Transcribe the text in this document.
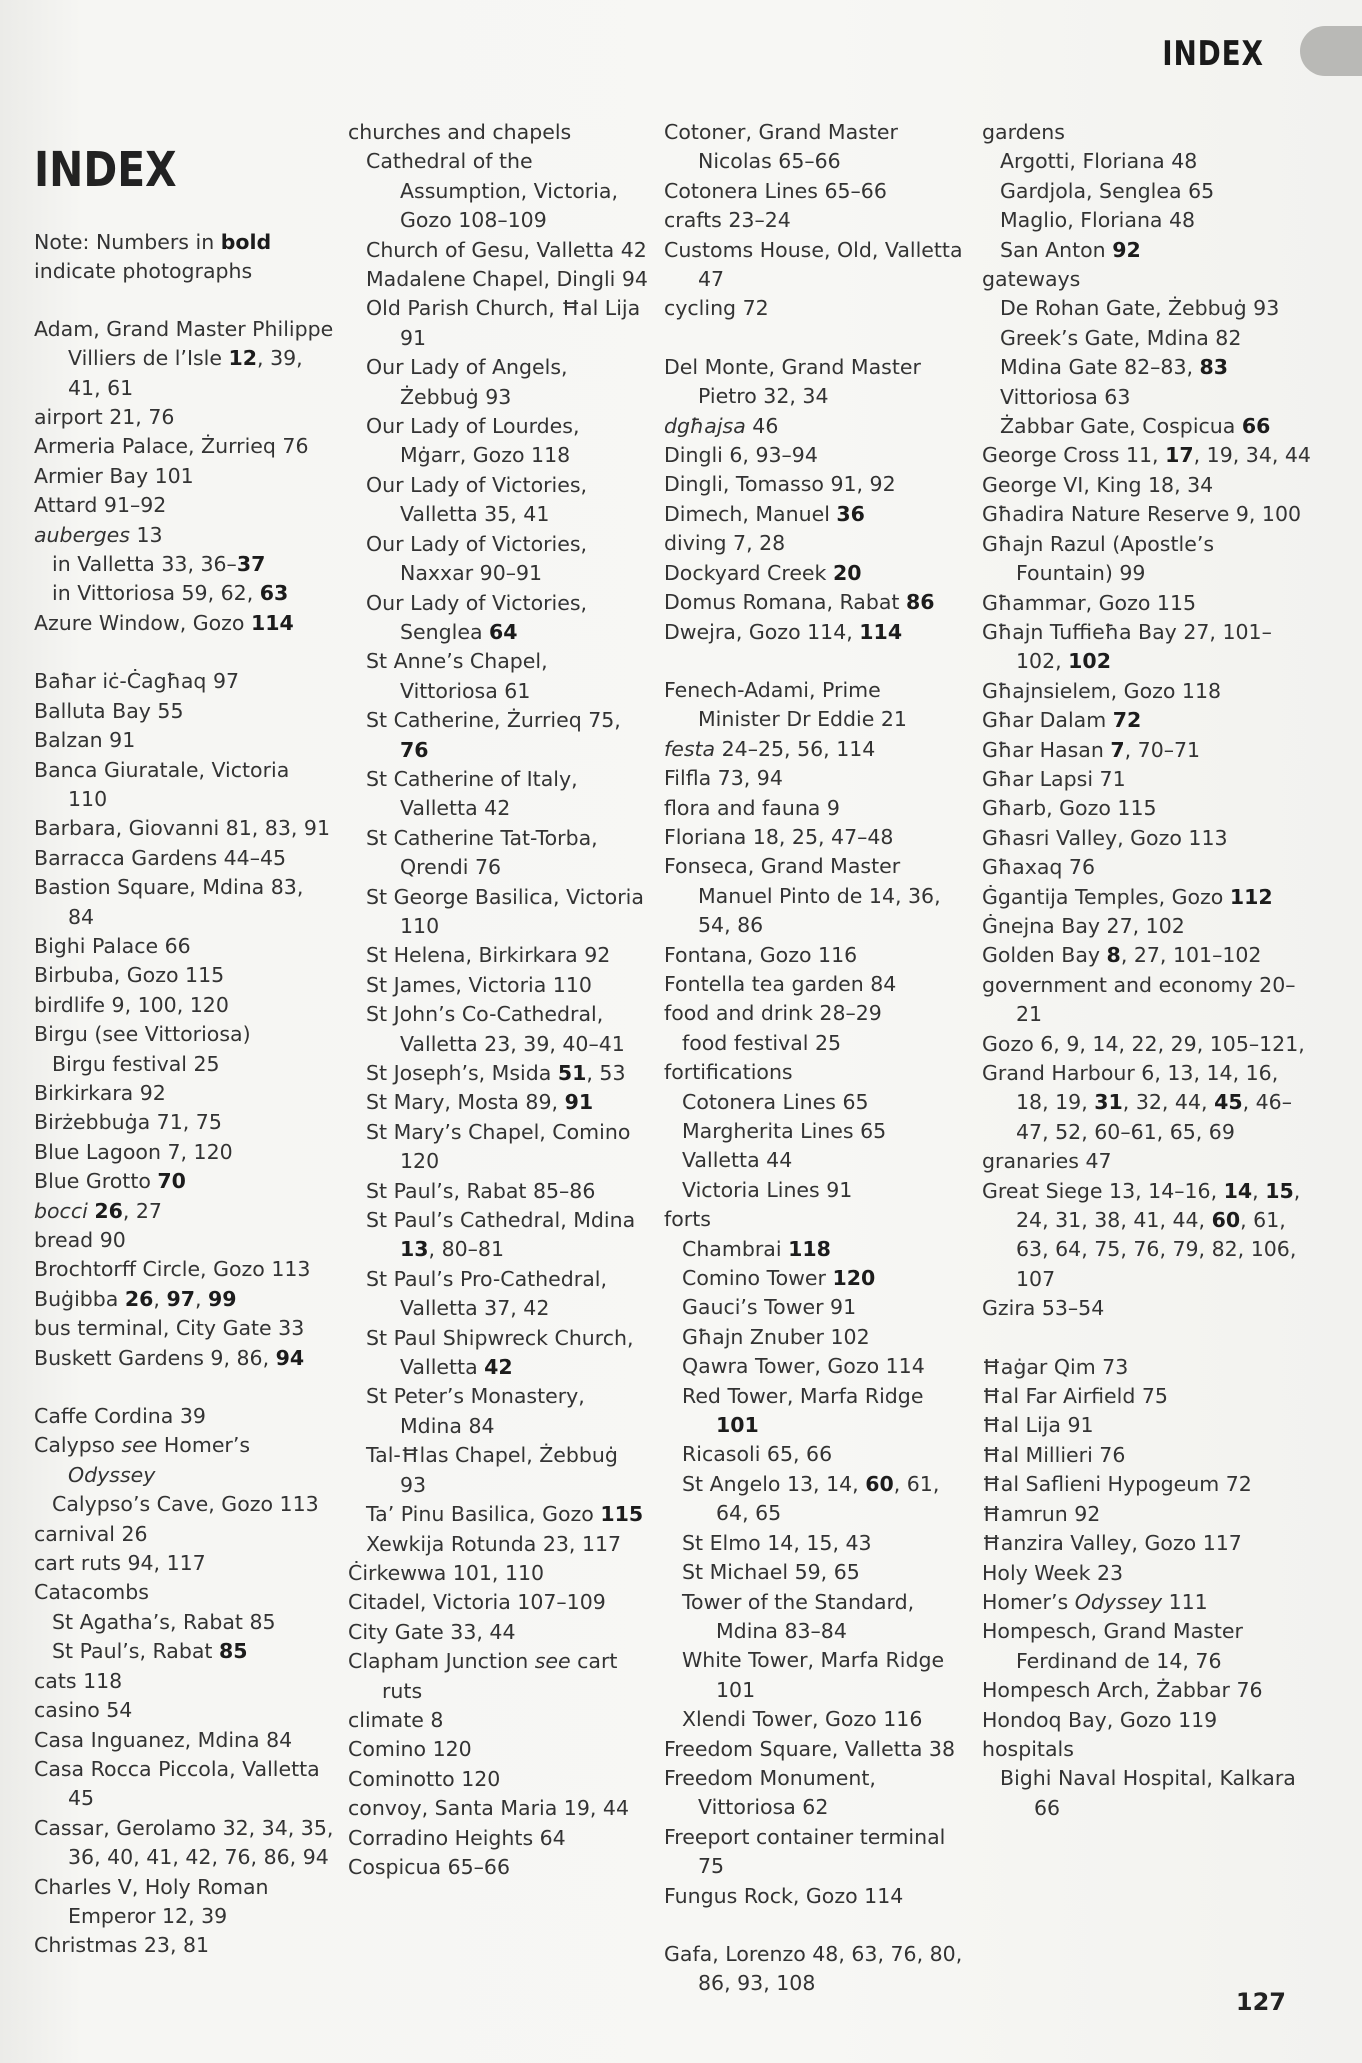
INDEX
INDEX
Note: Numbers in bold indicate photographs
Adam, Grand Master Philippe Villiers de l’Isle 12, 39, 41, 61
airport 21, 76
Armeria Palace, Żurrieq 76
Armier Bay 101
Attard 91–92
auberges 13
in Valletta 33, 36–37
in Vittoriosa 59, 62, 63
Azure Window, Gozo 114
Baħar iċ-Ċagħaq 97
Balluta Bay 55
Balzan 91
Banca Giuratale, Victoria 110
Barbara, Giovanni 81, 83, 91
Barracca Gardens 44–45
Bastion Square, Mdina 83, 84
Bighi Palace 66
Birbuba, Gozo 115
birdlife 9, 100, 120
Birgu (see Vittoriosa)
Birgu festival 25
Birkirkara 92
Birżebbuġa 71, 75
Blue Lagoon 7, 120
Blue Grotto 70
bocci 26, 27
bread 90
Brochtorff Circle, Gozo 113
Buġibba 26, 97, 99
bus terminal, City Gate 33
Buskett Gardens 9, 86, 94
Caffe Cordina 39
Calypso see Homer’s Odyssey
Calypso’s Cave, Gozo 113
carnival 26
cart ruts 94, 117
Catacombs
St Agatha’s, Rabat 85
St Paul’s, Rabat 85
cats 118
casino 54
Casa Inguanez, Mdina 84
Casa Rocca Piccola, Valletta 45
Cassar, Gerolamo 32, 34, 35, 36, 40, 41, 42, 76, 86, 94
Charles V, Holy Roman Emperor 12, 39
Christmas 23, 81
churches and chapels
Cathedral of the Assumption, Victoria, Gozo 108–109
Church of Gesu, Valletta 42
Madalene Chapel, Dingli 94
Old Parish Church, Ħal Lija 91
Our Lady of Angels, Żebbuġ 93
Our Lady of Lourdes, Mġarr, Gozo 118
Our Lady of Victories, Valletta 35, 41
Our Lady of Victories, Naxxar 90–91
Our Lady of Victories, Senglea 64
St Anne’s Chapel, Vittoriosa 61
St Catherine, Żurrieq 75, 76
St Catherine of Italy, Valletta 42
St Catherine Tat-Torba, Qrendi 76
St George Basilica, Victoria 110
St Helena, Birkirkara 92
St James, Victoria 110
St John’s Co-Cathedral, Valletta 23, 39, 40–41
St Joseph’s, Msida 51, 53
St Mary, Mosta 89, 91
St Mary’s Chapel, Comino 120
St Paul’s, Rabat 85–86
St Paul’s Cathedral, Mdina 13, 80–81
St Paul’s Pro-Cathedral, Valletta 37, 42
St Paul Shipwreck Church, Valletta 42
St Peter’s Monastery, Mdina 84
Tal-Ħlas Chapel, Żebbuġ 93
Ta’ Pinu Basilica, Gozo 115
Xewkija Rotunda 23, 117
Ċirkewwa 101, 110
Citadel, Victoria 107–109
City Gate 33, 44
Clapham Junction see cart ruts
climate 8
Comino 120
Cominotto 120
convoy, Santa Maria 19, 44
Corradino Heights 64
Cospicua 65–66
Cotoner, Grand Master Nicolas 65–66
Cotonera Lines 65–66
crafts 23–24
Customs House, Old, Valletta 47
cycling 72
Del Monte, Grand Master Pietro 32, 34
dgħajsa 46
Dingli 6, 93–94
Dingli, Tomasso 91, 92
Dimech, Manuel 36
diving 7, 28
Dockyard Creek 20
Domus Romana, Rabat 86
Dwejra, Gozo 114, 114
Fenech-Adami, Prime Minister Dr Eddie 21
festa 24–25, 56, 114
Filfla 73, 94
flora and fauna 9
Floriana 18, 25, 47–48
Fonseca, Grand Master Manuel Pinto de 14, 36, 54, 86
Fontana, Gozo 116
Fontella tea garden 84
food and drink 28–29
food festival 25
fortifications
Cotonera Lines 65
Margherita Lines 65
Valletta 44
Victoria Lines 91
forts
Chambrai 118
Comino Tower 120
Gauci’s Tower 91
Għajn Znuber 102
Qawra Tower, Gozo 114
Red Tower, Marfa Ridge 101
Ricasoli 65, 66
St Angelo 13, 14, 60, 61, 64, 65
St Elmo 14, 15, 43
St Michael 59, 65
Tower of the Standard, Mdina 83–84
White Tower, Marfa Ridge 101
Xlendi Tower, Gozo 116
Freedom Square, Valletta 38
Freedom Monument, Vittoriosa 62
Freeport container terminal 75
Fungus Rock, Gozo 114
Gafa, Lorenzo 48, 63, 76, 80, 86, 93, 108
gardens
Argotti, Floriana 48
Gardjola, Senglea 65
Maglio, Floriana 48
San Anton 92
gateways
De Rohan Gate, Żebbuġ 93
Greek’s Gate, Mdina 82
Mdina Gate 82–83, 83
Vittoriosa 63
Żabbar Gate, Cospicua 66
George Cross 11, 17, 19, 34, 44
George VI, King 18, 34
Għadira Nature Reserve 9, 100
Għajn Razul (Apostle’s Fountain) 99
Għammar, Gozo 115
Għajn Tuffieħa Bay 27, 101–102, 102
Għajnsielem, Gozo 118
Għar Dalam 72
Għar Hasan 7, 70–71
Għar Lapsi 71
Għarb, Gozo 115
Għasri Valley, Gozo 113
Għaxaq 76
Ġgantija Temples, Gozo 112
Ġnejna Bay 27, 102
Golden Bay 8, 27, 101–102
government and economy 20–21
Gozo 6, 9, 14, 22, 29, 105–121,
Grand Harbour 6, 13, 14, 16, 18, 19, 31, 32, 44, 45, 46–47, 52, 60–61, 65, 69
granaries 47
Great Siege 13, 14–16, 14, 15, 24, 31, 38, 41, 44, 60, 61, 63, 64, 75, 76, 79, 82, 106, 107
Gzira 53–54
Ħaġar Qim 73
Ħal Far Airfield 75
Ħal Lija 91
Ħal Millieri 76
Ħal Saflieni Hypogeum 72
Ħamrun 92
Ħanzira Valley, Gozo 117
Holy Week 23
Homer’s Odyssey 111
Hompesch, Grand Master Ferdinand de 14, 76
Hompesch Arch, Żabbar 76
Hondoq Bay, Gozo 119
hospitals
Bighi Naval Hospital, Kalkara 66
127
